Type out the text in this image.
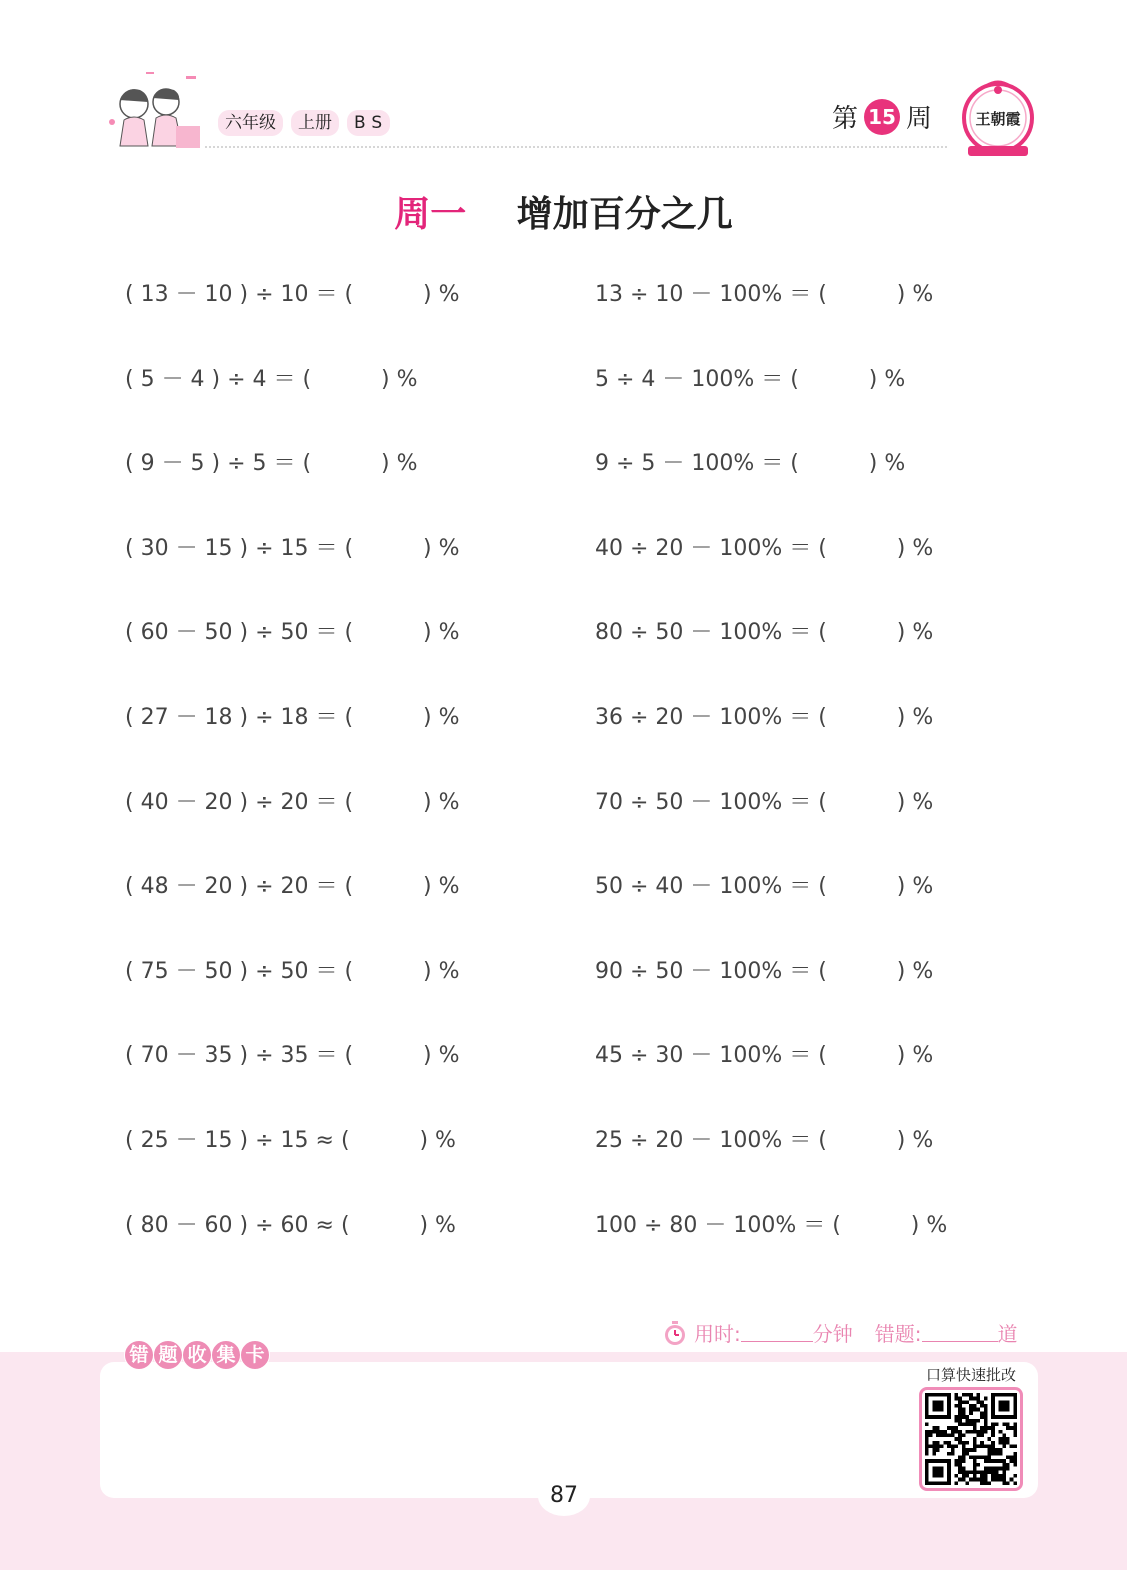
六年级	上册	BS	第 15 周	王朝霞
周一 增加百分之几
( 13 － 10 ) ÷ 10 ＝ (          ) %	13 ÷ 10 － 100% ＝ (          ) %
( 5 － 4 ) ÷ 4 ＝ (          ) %	5 ÷ 4 － 100% ＝ (          ) %
( 9 － 5 ) ÷ 5 ＝ (          ) %	9 ÷ 5 － 100% ＝ (          ) %
( 30 － 15 ) ÷ 15 ＝ (          ) %	40 ÷ 20 － 100% ＝ (          ) %
( 60 － 50 ) ÷ 50 ＝ (          ) %	80 ÷ 50 － 100% ＝ (          ) %
( 27 － 18 ) ÷ 18 ＝ (          ) %	36 ÷ 20 － 100% ＝ (          ) %
( 40 － 20 ) ÷ 20 ＝ (          ) %	70 ÷ 50 － 100% ＝ (          ) %
( 48 － 20 ) ÷ 20 ＝ (          ) %	50 ÷ 40 － 100% ＝ (          ) %
( 75 － 50 ) ÷ 50 ＝ (          ) %	90 ÷ 50 － 100% ＝ (          ) %
( 70 － 35 ) ÷ 35 ＝ (          ) %	45 ÷ 30 － 100% ＝ (          ) %
( 25 － 15 ) ÷ 15 ≈ (          ) %	25 ÷ 20 － 100% ＝ (          ) %
( 80 － 60 ) ÷ 60 ≈ (          ) %	100 ÷ 80 － 100% ＝ (          ) %
用时:	分钟 错题:	道
错 题 收 集 卡
口算快速批改
87
